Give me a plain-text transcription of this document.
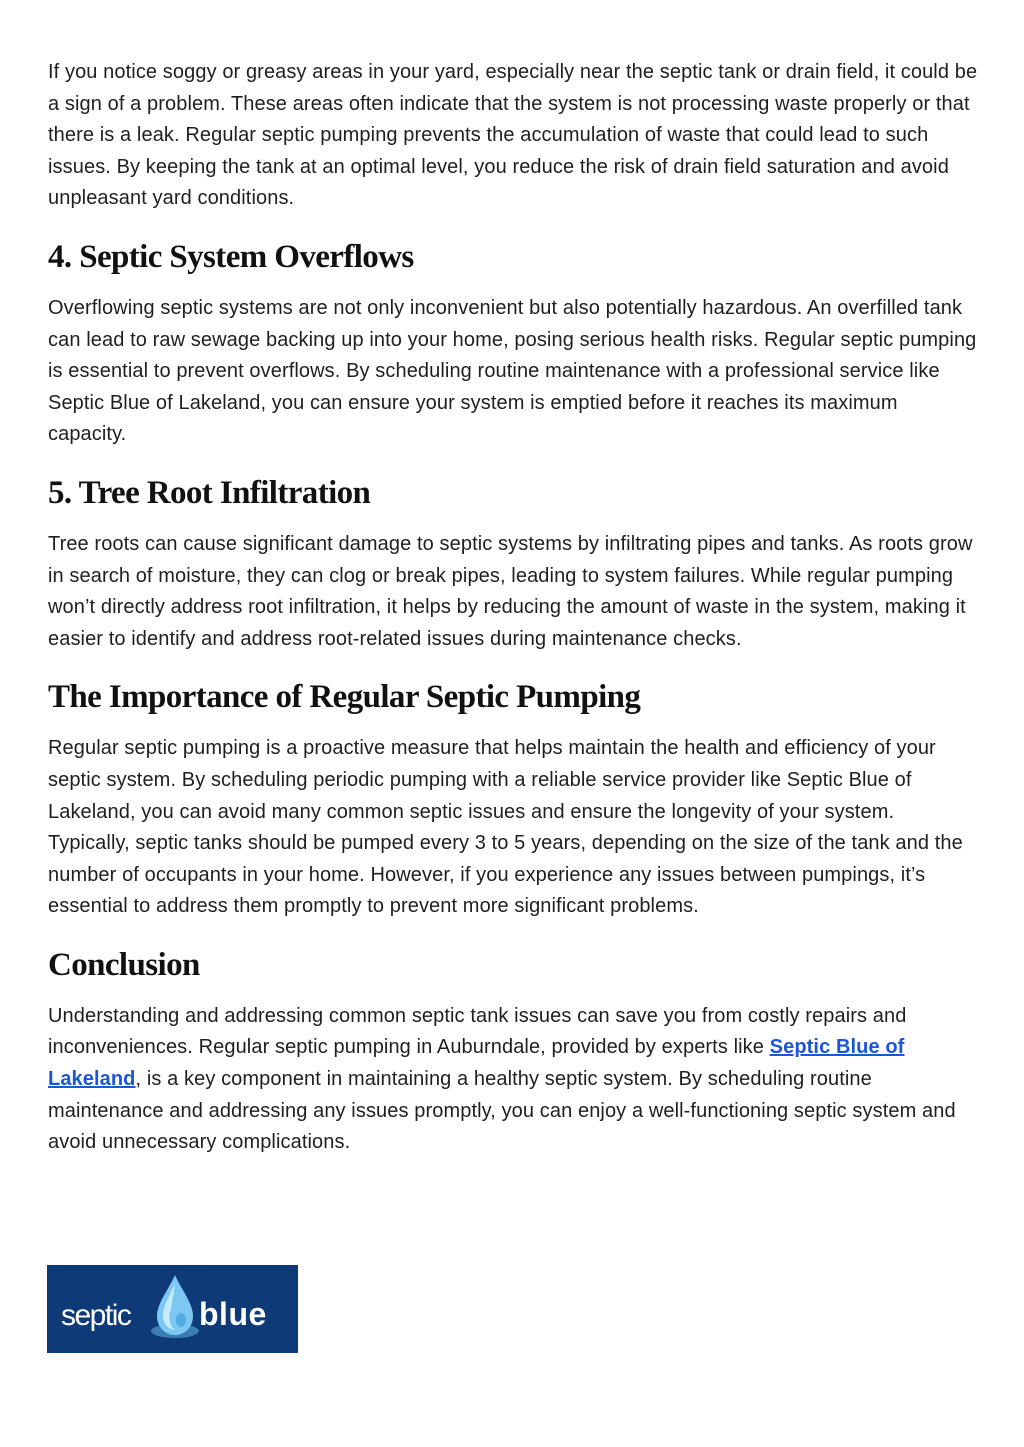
If you notice soggy or greasy areas in your yard, especially near the septic tank or drain field, it could be a sign of a problem. These areas often indicate that the system is not processing waste properly or that there is a leak. Regular septic pumping prevents the accumulation of waste that could lead to such issues. By keeping the tank at an optimal level, you reduce the risk of drain field saturation and avoid unpleasant yard conditions.

4. Septic System Overflows

Overflowing septic systems are not only inconvenient but also potentially hazardous. An overfilled tank can lead to raw sewage backing up into your home, posing serious health risks. Regular septic pumping is essential to prevent overflows. By scheduling routine maintenance with a professional service like Septic Blue of Lakeland, you can ensure your system is emptied before it reaches its maximum capacity.

5. Tree Root Infiltration

Tree roots can cause significant damage to septic systems by infiltrating pipes and tanks. As roots grow in search of moisture, they can clog or break pipes, leading to system failures. While regular pumping won’t directly address root infiltration, it helps by reducing the amount of waste in the system, making it easier to identify and address root-related issues during maintenance checks.

The Importance of Regular Septic Pumping

Regular septic pumping is a proactive measure that helps maintain the health and efficiency of your septic system. By scheduling periodic pumping with a reliable service provider like Septic Blue of Lakeland, you can avoid many common septic issues and ensure the longevity of your system. Typically, septic tanks should be pumped every 3 to 5 years, depending on the size of the tank and the number of occupants in your home. However, if you experience any issues between pumpings, it’s essential to address them promptly to prevent more significant problems.

Conclusion

Understanding and addressing common septic tank issues can save you from costly repairs and inconveniences. Regular septic pumping in Auburndale, provided by experts like Septic Blue of Lakeland, is a key component in maintaining a healthy septic system. By scheduling routine maintenance and addressing any issues promptly, you can enjoy a well-functioning septic system and avoid unnecessary complications.

septic blue
